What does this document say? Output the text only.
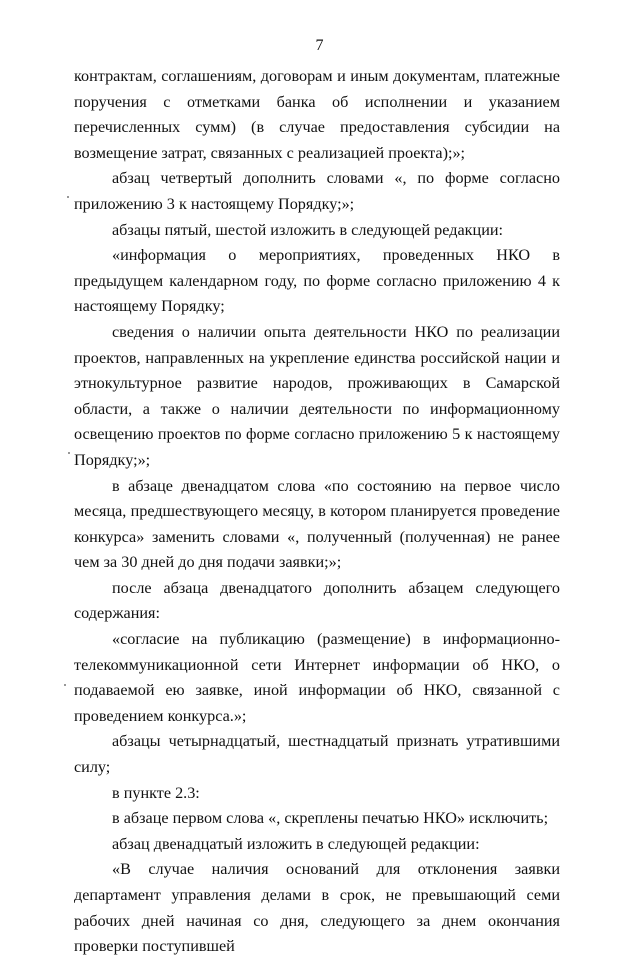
7

контрактам, соглашениям, договорам и иным документам, платежные поручения с отметками банка об исполнении и указанием перечисленных сумм) (в случае предоставления субсидии на возмещение затрат, связанных с реализацией проекта);»;

абзац четвертый дополнить словами «, по форме согласно приложению 3 к настоящему Порядку;»;

абзацы пятый, шестой изложить в следующей редакции:

«информация о мероприятиях, проведенных НКО в предыдущем календарном году, по форме согласно приложению 4 к настоящему Порядку;

сведения о наличии опыта деятельности НКО по реализации проектов, направленных на укрепление единства российской нации и этнокультурное развитие народов, проживающих в Самарской области, а также о наличии деятельности по информационному освещению проектов по форме согласно приложению 5 к настоящему Порядку;»;

в абзаце двенадцатом слова «по состоянию на первое число месяца, предшествующего месяцу, в котором планируется проведение конкурса» заменить словами «, полученный (полученная) не ранее чем за 30 дней до дня подачи заявки;»;

после абзаца двенадцатого дополнить абзацем следующего содержания:

«согласие на публикацию (размещение) в информационно-телекоммуникационной сети Интернет информации об НКО, о подаваемой ею заявке, иной информации об НКО, связанной с проведением конкурса.»;

абзацы четырнадцатый, шестнадцатый признать утратившими силу;

в пункте 2.3:

в абзаце первом слова «, скреплены печатью НКО» исключить;

абзац двенадцатый изложить в следующей редакции:

«В случае наличия оснований для отклонения заявки департамент управления делами в срок, не превышающий семи рабочих дней начиная со дня, следующего за днем окончания проверки поступившей
